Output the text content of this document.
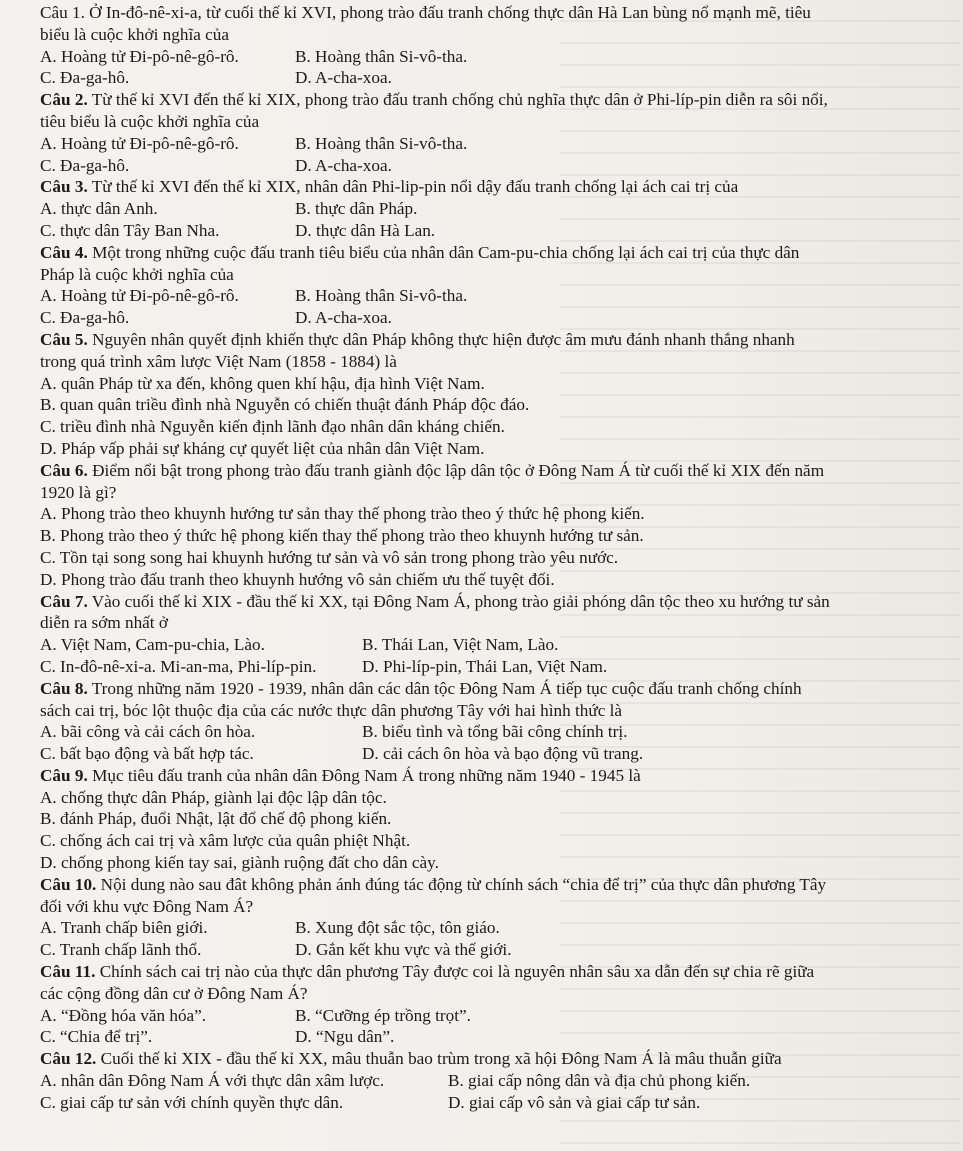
Câu 1. Ở In-đô-nê-xi-a, từ cuối thế kỉ XVI, phong trào đấu tranh chống thực dân Hà Lan bùng nổ mạnh mẽ, tiêu
biểu là cuộc khởi nghĩa của
A. Hoàng tử Đi-pô-nê-gô-rô.	B. Hoàng thân Si-vô-tha.
C. Đa-ga-hô.	D. A-cha-xoa.
Câu 2. Từ thế kỉ XVI đến thế kỉ XIX, phong trào đấu tranh chống chủ nghĩa thực dân ở Phi-líp-pin diễn ra sôi nổi,
tiêu biểu là cuộc khởi nghĩa của
A. Hoàng tử Đi-pô-nê-gô-rô.	B. Hoàng thân Si-vô-tha.
C. Đa-ga-hô.	D. A-cha-xoa.
Câu 3. Từ thế kỉ XVI đến thế kỉ XIX, nhân dân Phi-lip-pin nổi dậy đấu tranh chống lại ách cai trị của
A. thực dân Anh.	B. thực dân Pháp.
C. thực dân Tây Ban Nha.	D. thực dân Hà Lan.
Câu 4. Một trong những cuộc đấu tranh tiêu biểu của nhân dân Cam-pu-chia chống lại ách cai trị của thực dân
Pháp là cuộc khởi nghĩa của
A. Hoàng tử Đi-pô-nê-gô-rô.	B. Hoàng thân Si-vô-tha.
C. Đa-ga-hô.	D. A-cha-xoa.
Câu 5. Nguyên nhân quyết định khiến thực dân Pháp không thực hiện được âm mưu đánh nhanh thắng nhanh
trong quá trình xâm lược Việt Nam (1858 - 1884) là
A. quân Pháp từ xa đến, không quen khí hậu, địa hình Việt Nam.
B. quan quân triều đình nhà Nguyễn có chiến thuật đánh Pháp độc đáo.
C. triều đình nhà Nguyễn kiến định lãnh đạo nhân dân kháng chiến.
D. Pháp vấp phải sự kháng cự quyết liệt của nhân dân Việt Nam.
Câu 6. Điểm nổi bật trong phong trào đấu tranh giành độc lập dân tộc ở Đông Nam Á từ cuối thế kỉ XIX đến năm
1920 là gì?
A. Phong trào theo khuynh hướng tư sản thay thế phong trào theo ý thức hệ phong kiến.
B. Phong trào theo ý thức hệ phong kiến thay thế phong trào theo khuynh hướng tư sản.
C. Tồn tại song song hai khuynh hướng tư sản và vô sản trong phong trào yêu nước.
D. Phong trào đấu tranh theo khuynh hướng vô sản chiếm ưu thế tuyệt đối.
Câu 7. Vào cuối thế kỉ XIX - đầu thế kỉ XX, tại Đông Nam Á, phong trào giải phóng dân tộc theo xu hướng tư sản
diễn ra sớm nhất ở
A. Việt Nam, Cam-pu-chia, Lào.	B. Thái Lan, Việt Nam, Lào.
C. In-đô-nê-xi-a. Mi-an-ma, Phi-líp-pin.	D. Phi-líp-pin, Thái Lan, Việt Nam.
Câu 8. Trong những năm 1920 - 1939, nhân dân các dân tộc Đông Nam Á tiếp tục cuộc đấu tranh chống chính
sách cai trị, bóc lột thuộc địa của các nước thực dân phương Tây với hai hình thức là
A. bãi công và cải cách ôn hòa.	B. biểu tình và tổng bãi công chính trị.
C. bất bạo động và bất hợp tác.	D. cải cách ôn hòa và bạo động vũ trang.
Câu 9. Mục tiêu đấu tranh của nhân dân Đông Nam Á trong những năm 1940 - 1945 là
A. chống thực dân Pháp, giành lại độc lập dân tộc.
B. đánh Pháp, đuổi Nhật, lật đổ chế độ phong kiến.
C. chống ách cai trị và xâm lược của quân phiệt Nhật.
D. chống phong kiến tay sai, giành ruộng đất cho dân cày.
Câu 10. Nội dung nào sau đât không phản ánh đúng tác động từ chính sách “chia để trị” của thực dân phương Tây
đối với khu vực Đông Nam Á?
A. Tranh chấp biên giới.	B. Xung đột sắc tộc, tôn giáo.
C. Tranh chấp lãnh thổ.	D. Gắn kết khu vực và thế giới.
Câu 11. Chính sách cai trị nào của thực dân phương Tây được coi là nguyên nhân sâu xa dẫn đến sự chia rẽ giữa
các cộng đồng dân cư ở Đông Nam Á?
A. “Đồng hóa văn hóa”.	B. “Cưỡng ép trồng trọt”.
C. “Chia để trị”.	D. “Ngu dân”.
Câu 12. Cuối thế kỉ XIX - đầu thế kỉ XX, mâu thuẫn bao trùm trong xã hội Đông Nam Á là mâu thuẫn giữa
A. nhân dân Đông Nam Á với thực dân xâm lược.	B. giai cấp nông dân và địa chủ phong kiến.
C. giai cấp tư sản với chính quyền thực dân.	D. giai cấp vô sản và giai cấp tư sản.
